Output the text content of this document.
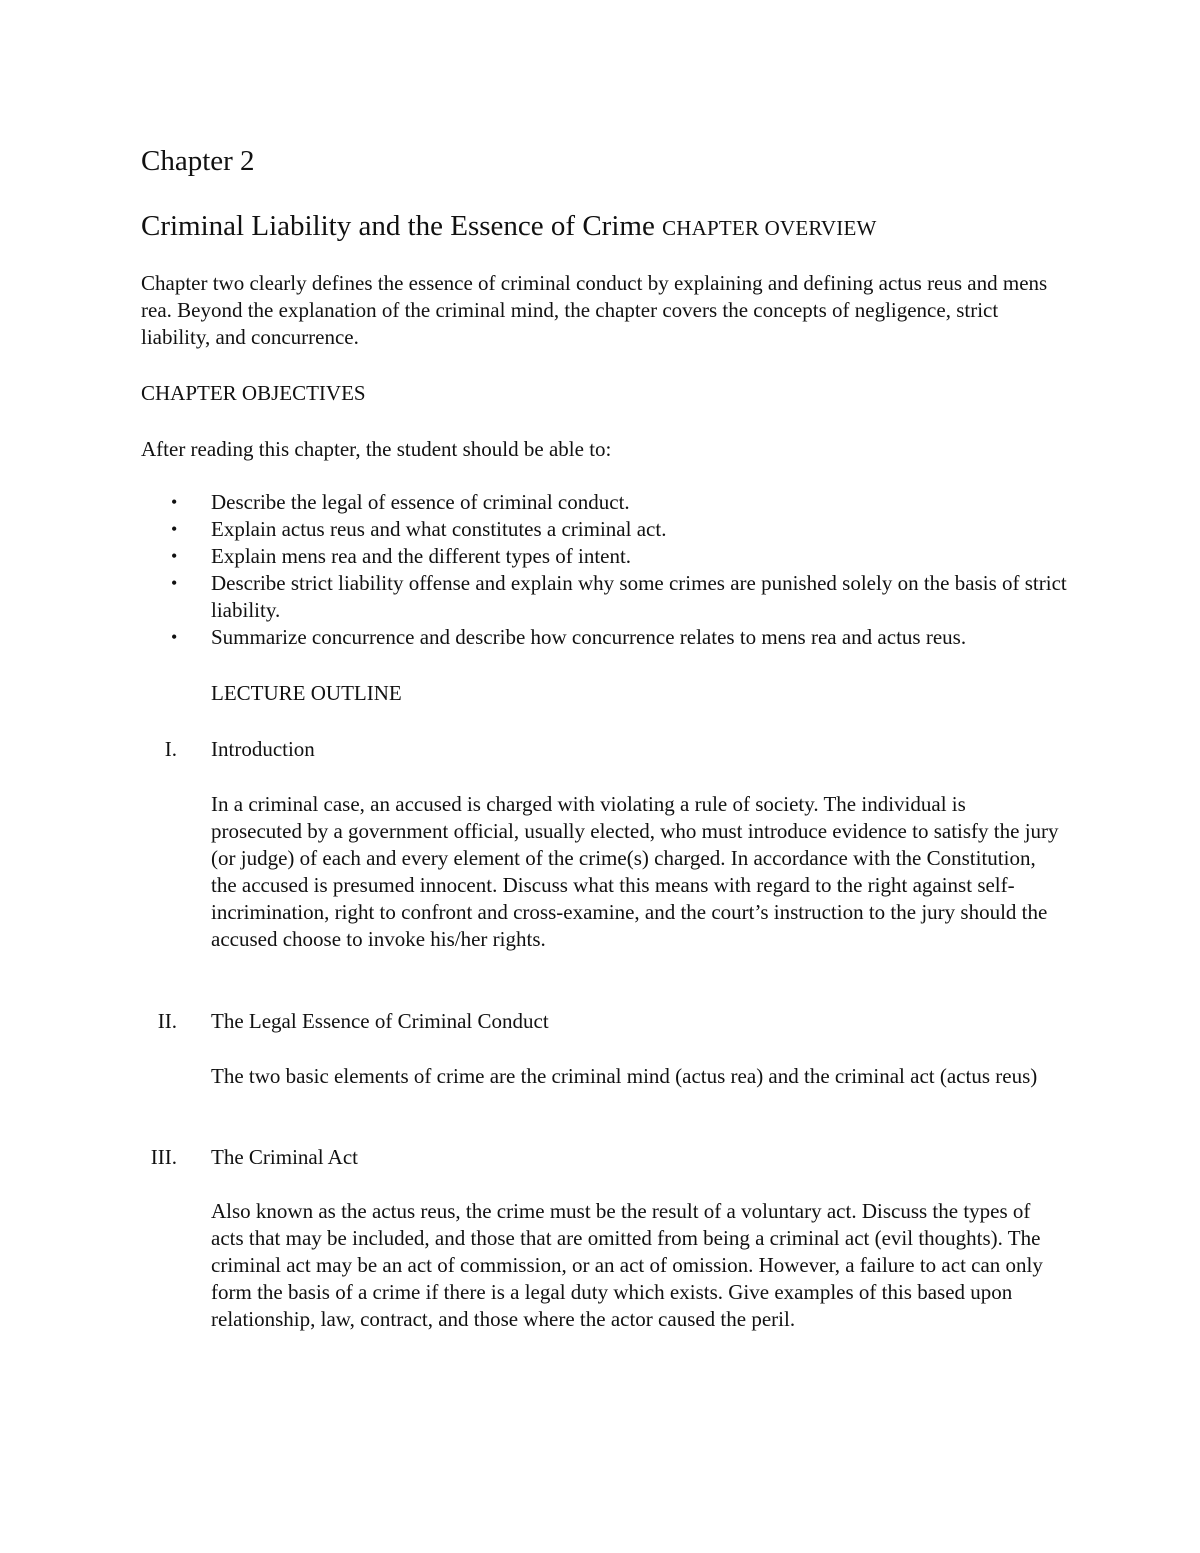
Chapter 2
Criminal Liability and the Essence of Crime CHAPTER OVERVIEW

Chapter two clearly defines the essence of criminal conduct by explaining and defining actus reus and mens rea. Beyond the explanation of the criminal mind, the chapter covers the concepts of negligence, strict liability, and concurrence.

CHAPTER OBJECTIVES

After reading this chapter, the student should be able to:

• Describe the legal of essence of criminal conduct.
• Explain actus reus and what constitutes a criminal act.
• Explain mens rea and the different types of intent.
• Describe strict liability offense and explain why some crimes are punished solely on the basis of strict liability.
• Summarize concurrence and describe how concurrence relates to mens rea and actus reus.
LECTURE OUTLINE
I. Introduction

In a criminal case, an accused is charged with violating a rule of society. The individual is prosecuted by a government official, usually elected, who must introduce evidence to satisfy the jury (or judge) of each and every element of the crime(s) charged. In accordance with the Constitution, the accused is presumed innocent. Discuss what this means with regard to the right against self-incrimination, right to confront and cross-examine, and the court’s instruction to the jury should the accused choose to invoke his/her rights.

II. The Legal Essence of Criminal Conduct

The two basic elements of crime are the criminal mind (actus rea) and the criminal act (actus reus)

III. The Criminal Act

Also known as the actus reus, the crime must be the result of a voluntary act. Discuss the types of acts that may be included, and those that are omitted from being a criminal act (evil thoughts). The criminal act may be an act of commission, or an act of omission. However, a failure to act can only form the basis of a crime if there is a legal duty which exists. Give examples of this based upon relationship, law, contract, and those where the actor caused the peril.
